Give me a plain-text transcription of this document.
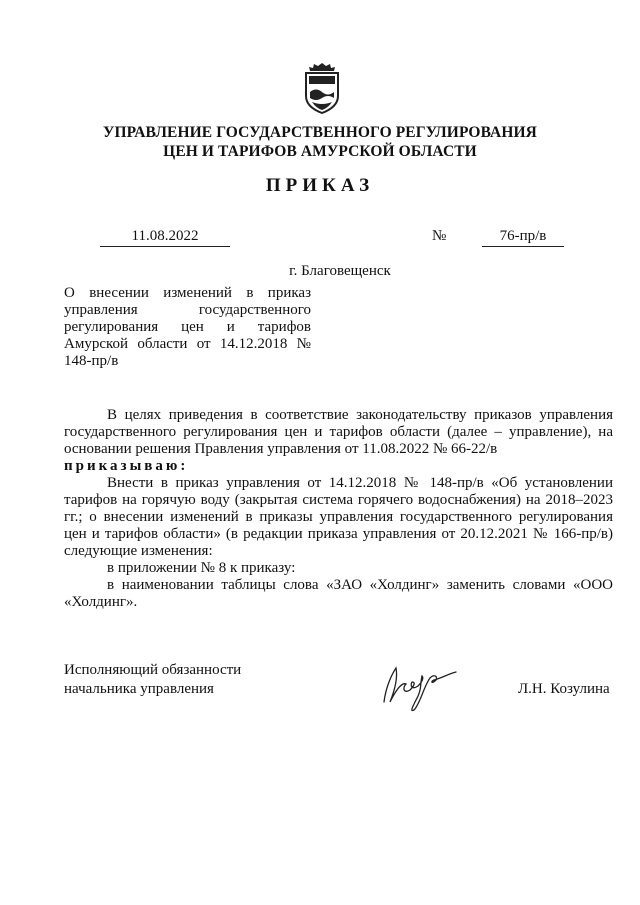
УПРАВЛЕНИЕ ГОСУДАРСТВЕННОГО РЕГУЛИРОВАНИЯ
ЦЕН И ТАРИФОВ АМУРСКОЙ ОБЛАСТИ
ПРИКАЗ
11.08.2022	№	76-пр/в
г. Благовещенск
О внесении изменений в приказ управления государственного регулирования цен и тарифов Амурской области от 14.12.2018 № 148-пр/в

В целях приведения в соответствие законодательству приказов управления государственного регулирования цен и тарифов области (далее – управление), на основании решения Правления управления от 11.08.2022 № 66-22/в

приказываю:

Внести в приказ управления от 14.12.2018 № 148-пр/в «Об установлении тарифов на горячую воду (закрытая система горячего водоснабжения) на 2018–2023 гг.; о внесении изменений в приказы управления государственного регулирования цен и тарифов области» (в редакции приказа управления от 20.12.2021 № 166-пр/в) следующие изменения:

в приложении № 8 к приказу:

в наименовании таблицы слова «ЗАО «Холдинг» заменить словами «ООО «Холдинг».

Исполняющий обязанности
начальника управления	Л.Н. Козулина
